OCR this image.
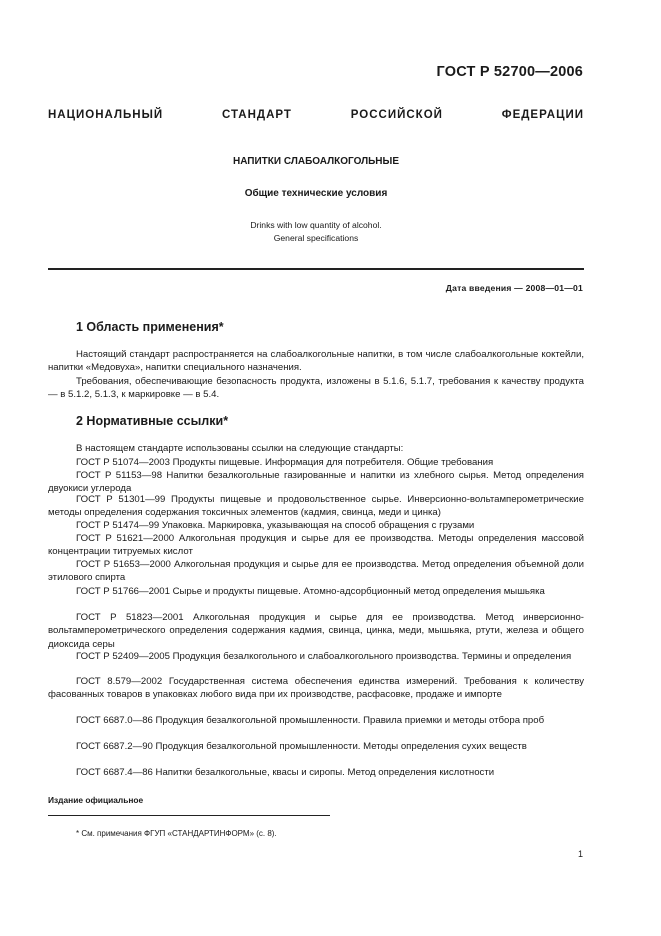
ГОСТ Р 52700—2006
НАЦИОНАЛЬНЫЙ СТАНДАРТ РОССИЙСКОЙ ФЕДЕРАЦИИ
НАПИТКИ СЛАБОАЛКОГОЛЬНЫЕ
Общие технические условия
Drinks with low quantity of alcohol.
General specifications
Дата введения — 2008—01—01
1 Область применения*
Настоящий стандарт распространяется на слабоалкогольные напитки, в том числе слабоалкогольные коктейли, напитки «Медовуха», напитки специального назначения.
Требования, обеспечивающие безопасность продукта, изложены в 5.1.6, 5.1.7, требования к качеству продукта — в 5.1.2, 5.1.3, к маркировке — в 5.4.
2 Нормативные ссылки*
В настоящем стандарте использованы ссылки на следующие стандарты:
ГОСТ Р 51074—2003 Продукты пищевые. Информация для потребителя. Общие требования
ГОСТ Р 51153—98 Напитки безалкогольные газированные и напитки из хлебного сырья. Метод определения двуокиси углерода
ГОСТ Р 51301—99 Продукты пищевые и продовольственное сырье. Инверсионно-вольтамперометрические методы определения содержания токсичных элементов (кадмия, свинца, меди и цинка)
ГОСТ Р 51474—99 Упаковка. Маркировка, указывающая на способ обращения с грузами
ГОСТ Р 51621—2000 Алкогольная продукция и сырье для ее производства. Методы определения массовой концентрации титруемых кислот
ГОСТ Р 51653—2000 Алкогольная продукция и сырье для ее производства. Метод определения объемной доли этилового спирта
ГОСТ Р 51766—2001 Сырье и продукты пищевые. Атомно-адсорбционный метод определения мышьяка
ГОСТ Р 51823—2001 Алкогольная продукция и сырье для ее производства. Метод инверсионно-вольтамперометрического определения содержания кадмия, свинца, цинка, меди, мышьяка, ртути, железа и общего диоксида серы
ГОСТ Р 52409—2005 Продукция безалкогольного и слабоалкогольного производства. Термины и определения
ГОСТ 8.579—2002 Государственная система обеспечения единства измерений. Требования к количеству фасованных товаров в упаковках любого вида при их производстве, расфасовке, продаже и импорте
ГОСТ 6687.0—86 Продукция безалкогольной промышленности. Правила приемки и методы отбора проб
ГОСТ 6687.2—90 Продукция безалкогольной промышленности. Методы определения сухих веществ
ГОСТ 6687.4—86 Напитки безалкогольные, квасы и сиропы. Метод определения кислотности
Издание официальное
* См. примечания ФГУП «СТАНДАРТИНФОРМ» (с. 8).
1
